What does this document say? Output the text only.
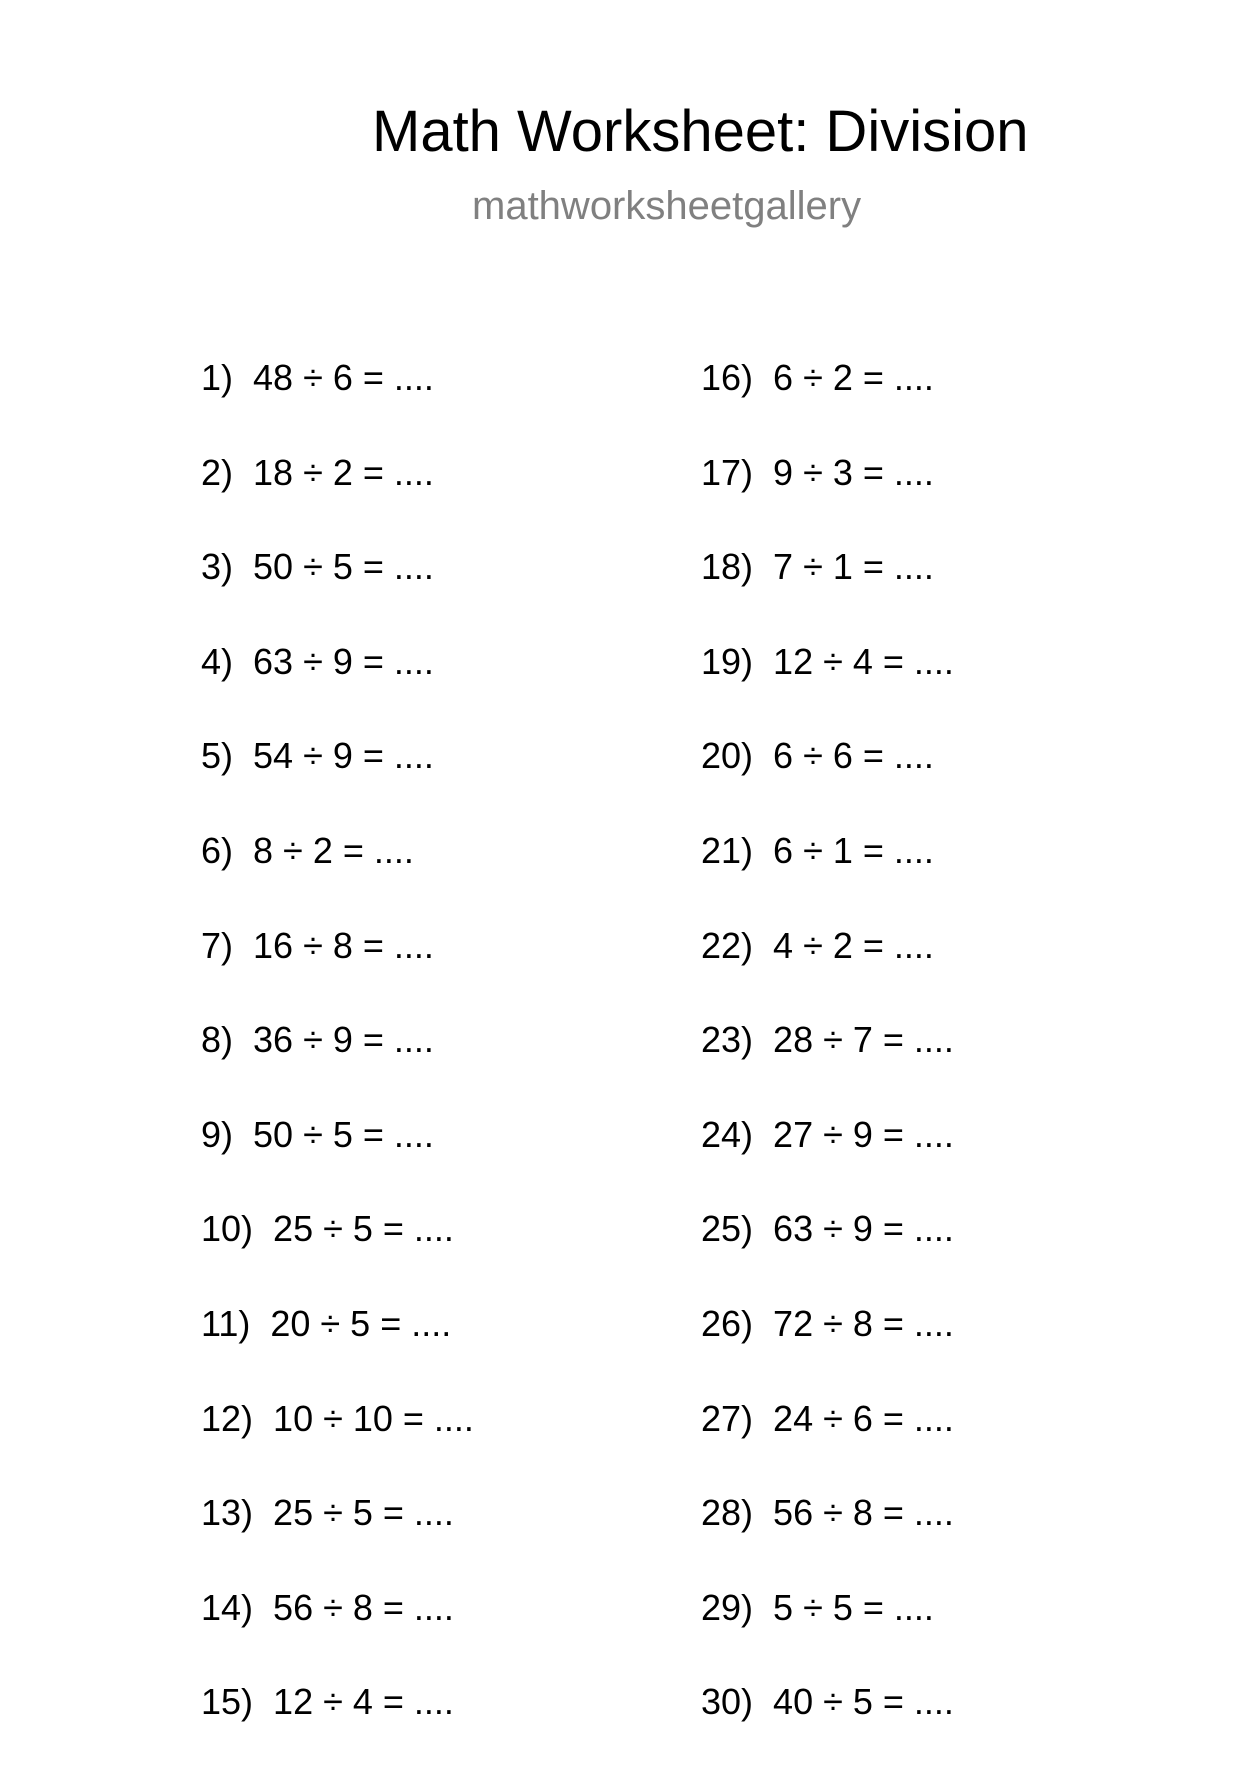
Math Worksheet: Division
mathworksheetgallery
1) 48 ÷ 6 = ....
2) 18 ÷ 2 = ....
3) 50 ÷ 5 = ....
4) 63 ÷ 9 = ....
5) 54 ÷ 9 = ....
6) 8 ÷ 2 = ....
7) 16 ÷ 8 = ....
8) 36 ÷ 9 = ....
9) 50 ÷ 5 = ....
10) 25 ÷ 5 = ....
11) 20 ÷ 5 = ....
12) 10 ÷ 10 = ....
13) 25 ÷ 5 = ....
14) 56 ÷ 8 = ....
15) 12 ÷ 4 = ....
16) 6 ÷ 2 = ....
17) 9 ÷ 3 = ....
18) 7 ÷ 1 = ....
19) 12 ÷ 4 = ....
20) 6 ÷ 6 = ....
21) 6 ÷ 1 = ....
22) 4 ÷ 2 = ....
23) 28 ÷ 7 = ....
24) 27 ÷ 9 = ....
25) 63 ÷ 9 = ....
26) 72 ÷ 8 = ....
27) 24 ÷ 6 = ....
28) 56 ÷ 8 = ....
29) 5 ÷ 5 = ....
30) 40 ÷ 5 = ....
